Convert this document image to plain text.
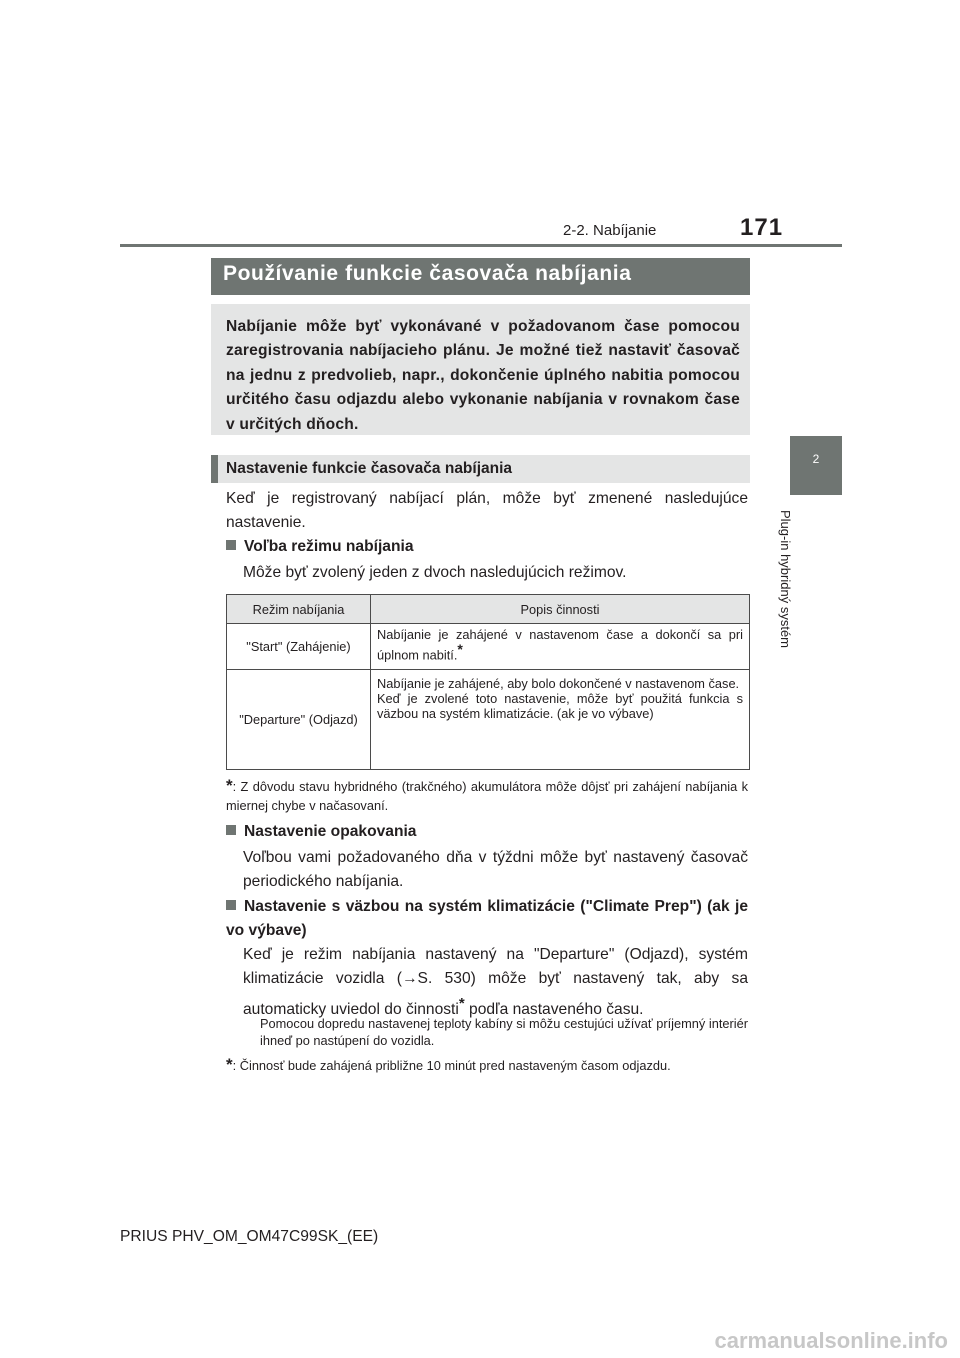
2-2. Nabíjanie	171
2
Plug-in hybridný systém
Používanie funkcie časovača nabíjania
Nabíjanie môže byť vykonávané v požadovanom čase pomocou zaregistrovania nabíjacieho plánu. Je možné tiež nastaviť časovač na jednu z predvolieb, napr., dokončenie úplného nabitia pomocou určitého času odjazdu alebo vykonanie nabíjania v rovnakom čase v určitých dňoch.
Nastavenie funkcie časovača nabíjania
Keď je registrovaný nabíjací plán, môže byť zmenené nasledujúce nastavenie.
Voľba režimu nabíjania
Môže byť zvolený jeden z dvoch nasledujúcich režimov.
Režim nabíjania	Popis činnosti
"Start" (Zahájenie)	Nabíjanie je zahájené v nastavenom čase a dokončí sa pri úplnom nabití.*
"Departure" (Odjazd)	Nabíjanie je zahájené, aby bolo dokončené v nastavenom čase.
Keď je zvolené toto nastavenie, môže byť použitá funkcia s väzbou na systém klimatizácie. (ak je vo výbave)
*: Z dôvodu stavu hybridného (trakčného) akumulátora môže dôjsť pri zahájení nabíjania k miernej chybe v načasovaní.
Nastavenie opakovania
Voľbou vami požadovaného dňa v týždni môže byť nastavený časovač periodického nabíjania.
Nastavenie s väzbou na systém klimatizácie ("Climate Prep") (ak je vo výbave)
Keď je režim nabíjania nastavený na "Departure" (Odjazd), systém klimatizácie vozidla (→S. 530) môže byť nastavený tak, aby sa automaticky uviedol do činnosti* podľa nastaveného času.
Pomocou dopredu nastavenej teploty kabíny si môžu cestujúci užívať príjemný interiér ihneď po nastúpení do vozidla.
*: Činnosť bude zahájená približne 10 minút pred nastaveným časom odjazdu.
PRIUS PHV_OM_OM47C99SK_(EE)
carmanualsonline.info
